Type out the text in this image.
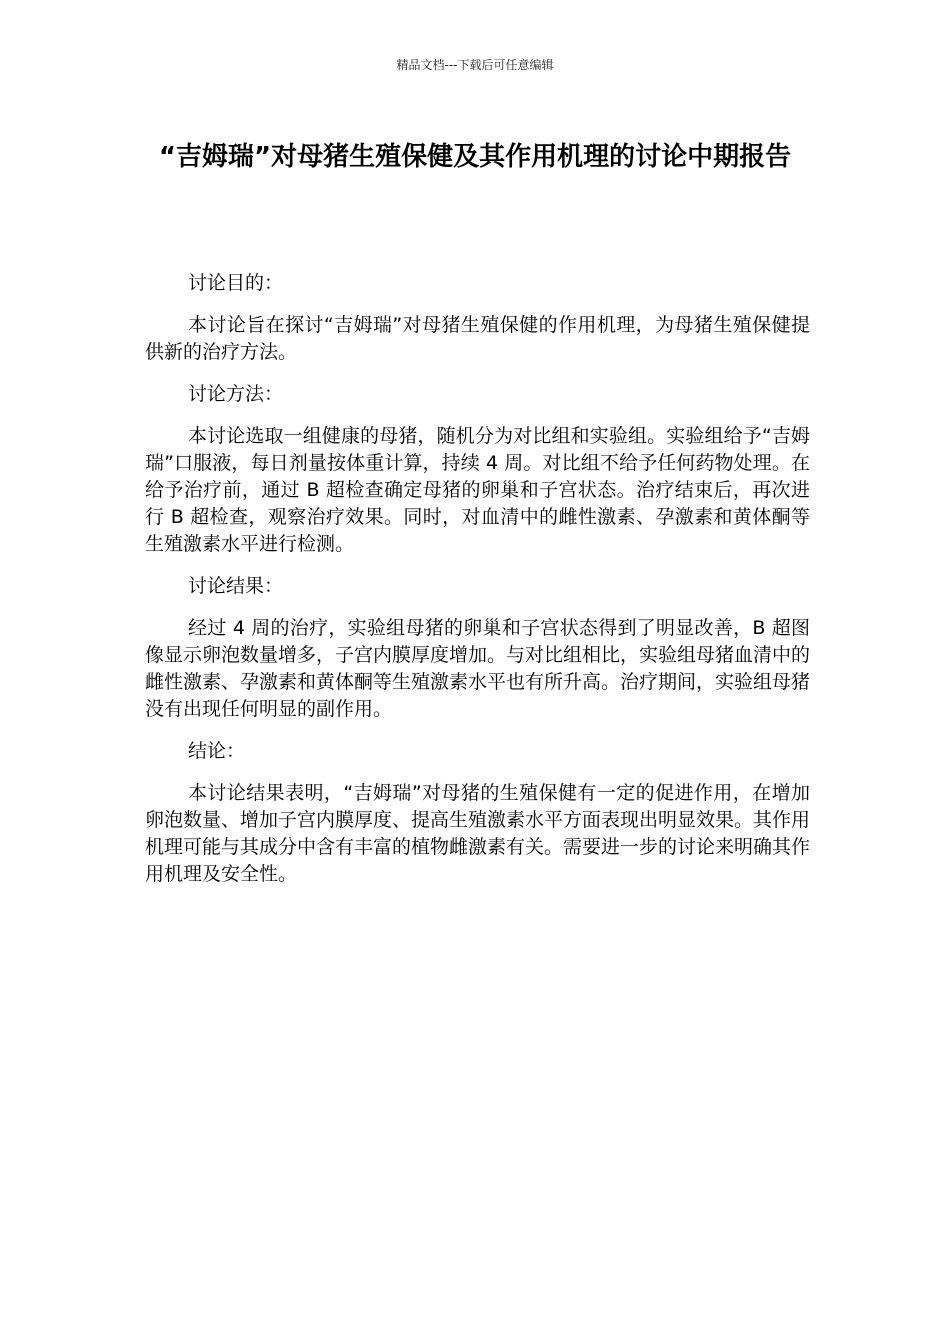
精品文档---下载后可任意编辑
“吉姆瑞”对母猪生殖保健及其作用机理的讨论中期报告

讨论目的：

本讨论旨在探讨“吉姆瑞”对母猪生殖保健的作用机理，为母猪生殖保健提供新的治疗方法。

讨论方法：

本讨论选取一组健康的母猪，随机分为对比组和实验组。实验组给予“吉姆瑞”口服液，每日剂量按体重计算，持续 4 周。对比组不给予任何药物处理。在给予治疗前，通过 B 超检查确定母猪的卵巢和子宫状态。治疗结束后，再次进行 B 超检查，观察治疗效果。同时，对血清中的雌性激素、孕激素和黄体酮等生殖激素水平进行检测。

讨论结果：

经过 4 周的治疗，实验组母猪的卵巢和子宫状态得到了明显改善，B 超图像显示卵泡数量增多，子宫内膜厚度增加。与对比组相比，实验组母猪血清中的雌性激素、孕激素和黄体酮等生殖激素水平也有所升高。治疗期间，实验组母猪没有出现任何明显的副作用。

结论：

本讨论结果表明，“吉姆瑞”对母猪的生殖保健有一定的促进作用，在增加卵泡数量、增加子宫内膜厚度、提高生殖激素水平方面表现出明显效果。其作用机理可能与其成分中含有丰富的植物雌激素有关。需要进一步的讨论来明确其作用机理及安全性。
